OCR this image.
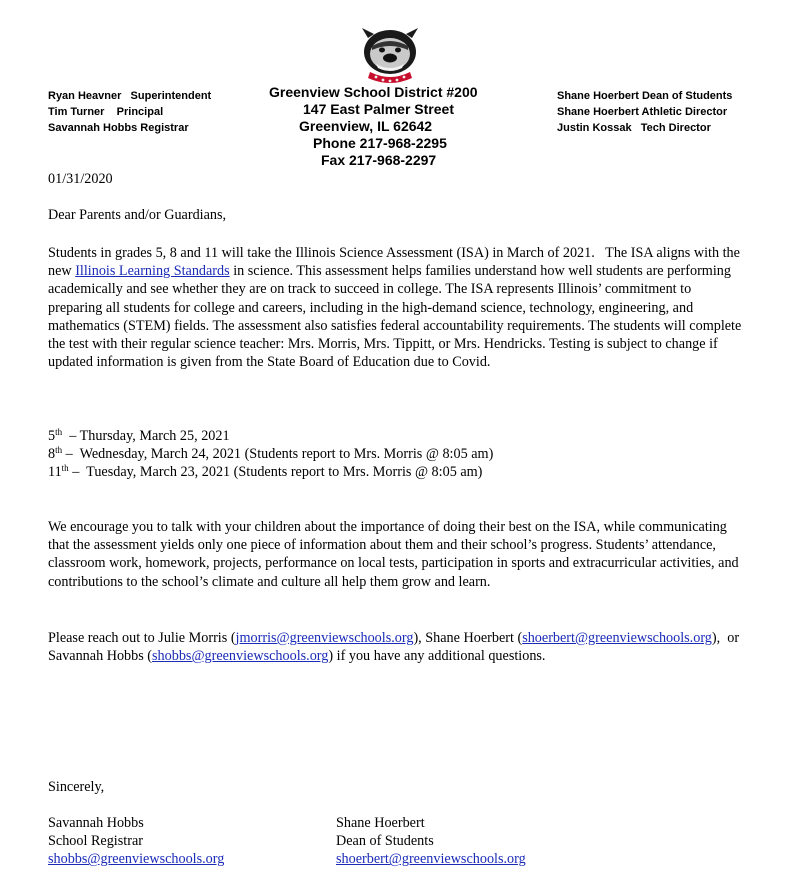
Ryan Heavner   Superintendent
Tim Turner    Principal
Savannah Hobbs Registrar
Greenview School District #200
147 East Palmer Street
Greenview, IL 62642
Phone 217-968-2295
Fax 217-968-2297
Shane Hoerbert Dean of Students
Shane Hoerbert Athletic Director
Justin Kossak   Tech Director
01/31/2020
Dear Parents and/or Guardians,

Students in grades 5, 8 and 11 will take the Illinois Science Assessment (ISA) in March of 2021.   The ISA aligns with the new Illinois Learning Standards in science. This assessment helps families understand how well students are performing academically and see whether they are on track to succeed in college. The ISA represents Illinois’ commitment to preparing all students for college and careers, including in the high-demand science, technology, engineering, and mathematics (STEM) fields. The assessment also satisfies federal accountability requirements. The students will complete the test with their regular science teacher: Mrs. Morris, Mrs. Tippitt, or Mrs. Hendricks. Testing is subject to change if updated information is given from the State Board of Education due to Covid.

5th  – Thursday, March 25, 2021
8th –  Wednesday, March 24, 2021 (Students report to Mrs. Morris @ 8:05 am)
11th –  Tuesday, March 23, 2021 (Students report to Mrs. Morris @ 8:05 am)

We encourage you to talk with your children about the importance of doing their best on the ISA, while communicating that the assessment yields only one piece of information about them and their school’s progress. Students’ attendance, classroom work, homework, projects, performance on local tests, participation in sports and extracurricular activities, and contributions to the school’s climate and culture all help them grow and learn.

Please reach out to Julie Morris (jmorris@greenviewschools.org), Shane Hoerbert (shoerbert@greenviewschools.org),  or Savannah Hobbs (shobbs@greenviewschools.org) if you have any additional questions.

Sincerely,
Savannah Hobbs
School Registrar
shobbs@greenviewschools.org
Shane Hoerbert
Dean of Students
shoerbert@greenviewschools.org
